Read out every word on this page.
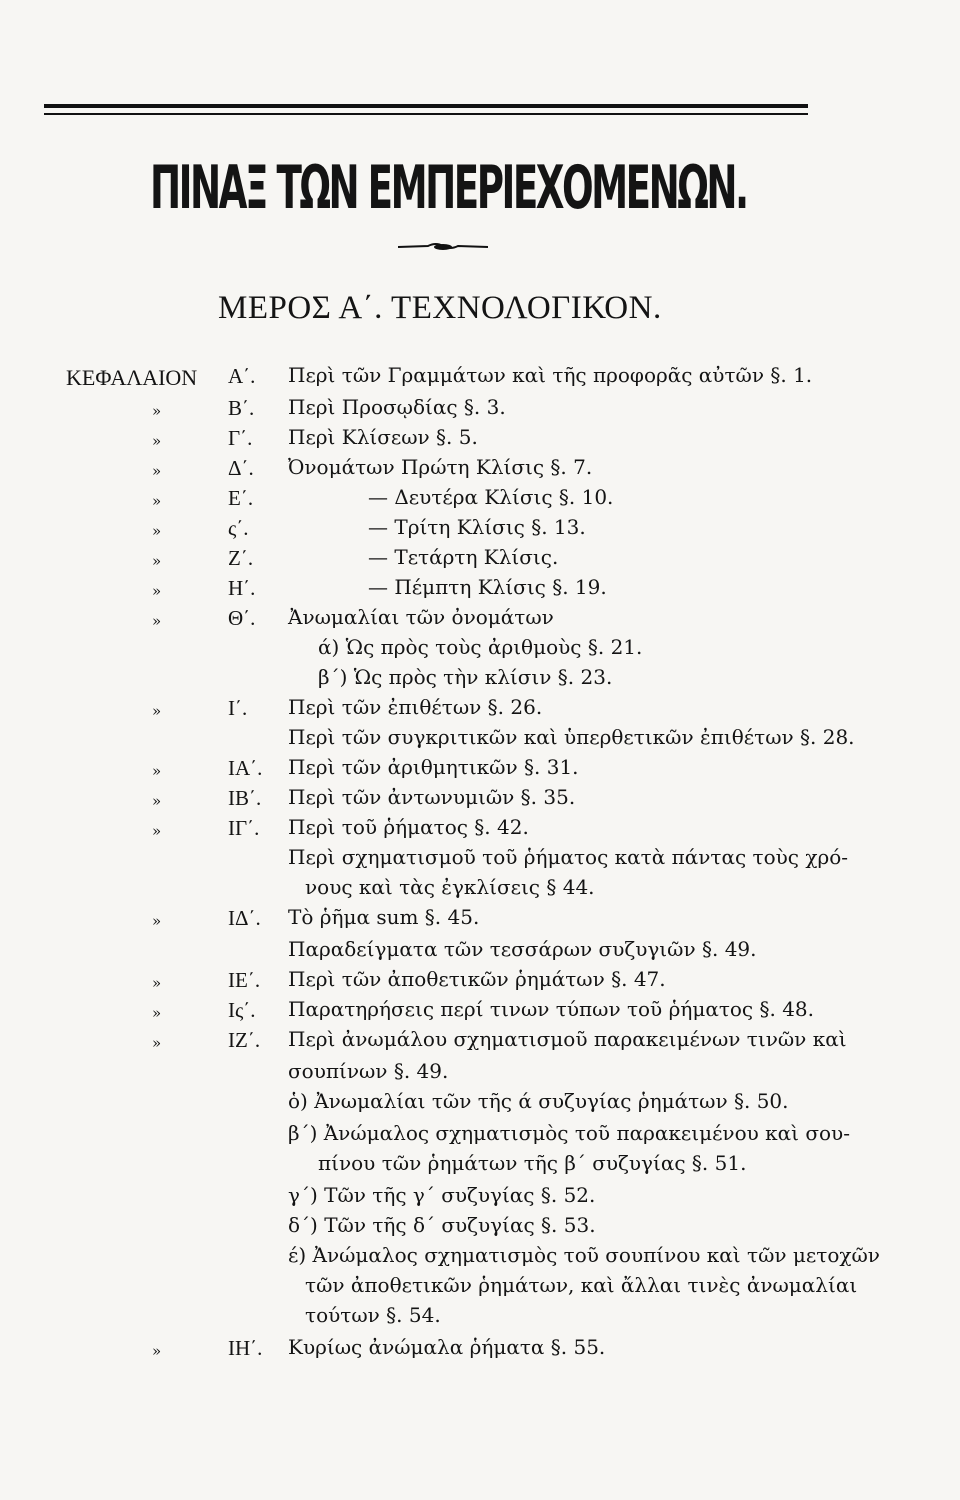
ΠΙΝΑΞ ΤΩΝ ΕΜΠΕΡΙΕΧΟΜΕΝΩΝ.
ΜΕΡΟΣ Α΄. ΤΕΧΝΟΛΟΓΙΚΟΝ.
ΚΕΦΑΛΑΙΟΝ Α΄. Περὶ τῶν Γραμμάτων καὶ τῆς προφορᾶς αὐτῶν §. 1.
»	Β΄. Περὶ Προσῳδίας §. 3.
»	Γ΄. Περὶ Κλίσεων §. 5.
»	Δ΄. Ὀνομάτων Πρώτη Κλίσις §. 7.
»	Ε΄.	— Δευτέρα Κλίσις §. 10.
»	ς΄.	— Τρίτη Κλίσις §. 13.
»	Ζ΄.	— Τετάρτη Κλίσις.
»	Η΄.	— Πέμπτη Κλίσις §. 19.
»	Θ΄. Ἀνωμαλίαι τῶν ὀνομάτων
ά) Ὡς πρὸς τοὺς ἀριθμοὺς §. 21.
β΄) Ὡς πρὸς τὴν κλίσιν §. 23.
»	Ι΄. Περὶ τῶν ἐπιθέτων §. 26.
Περὶ τῶν συγκριτικῶν καὶ ὑπερθετικῶν ἐπιθέτων §. 28.
»	ΙΑ΄. Περὶ τῶν ἀριθμητικῶν §. 31.
»	ΙΒ΄. Περὶ τῶν ἀντωνυμιῶν §. 35.
»	ΙΓ΄. Περὶ τοῦ ῥήματος §. 42.
Περὶ σχηματισμοῦ τοῦ ῥήματος κατὰ πάντας τοὺς χρό-
νους καὶ τὰς ἐγκλίσεις § 44.
»	ΙΔ΄. Τὸ ῥῆμα sum §. 45.
Παραδείγματα τῶν τεσσάρων συζυγιῶν §. 49.
»	ΙΕ΄. Περὶ τῶν ἀποθετικῶν ῥημάτων §. 47.
»	Ις΄. Παρατηρήσεις περί τινων τύπων τοῦ ῥήματος §. 48.
»	ΙΖ΄. Περὶ ἀνωμάλου σχηματισμοῦ παρακειμένων τινῶν καὶ
σουπίνων §. 49.
ὁ) Ἀνωμαλίαι τῶν τῆς ά συζυγίας ῥημάτων §. 50.
β΄) Ἀνώμαλος σχηματισμὸς τοῦ παρακειμένου καὶ σου-
πίνου τῶν ῥημάτων τῆς β΄ συζυγίας §. 51.
γ΄) Τῶν τῆς γ΄ συζυγίας §. 52.
δ΄) Τῶν τῆς δ΄ συζυγίας §. 53.
έ) Ἀνώμαλος σχηματισμὸς τοῦ σουπίνου καὶ τῶν μετοχῶν
τῶν ἀποθετικῶν ῥημάτων, καὶ ἄλλαι τινὲς ἀνωμαλίαι
τούτων §. 54.
»	ΙΗ΄. Κυρίως ἀνώμαλα ῥήματα §. 55.
